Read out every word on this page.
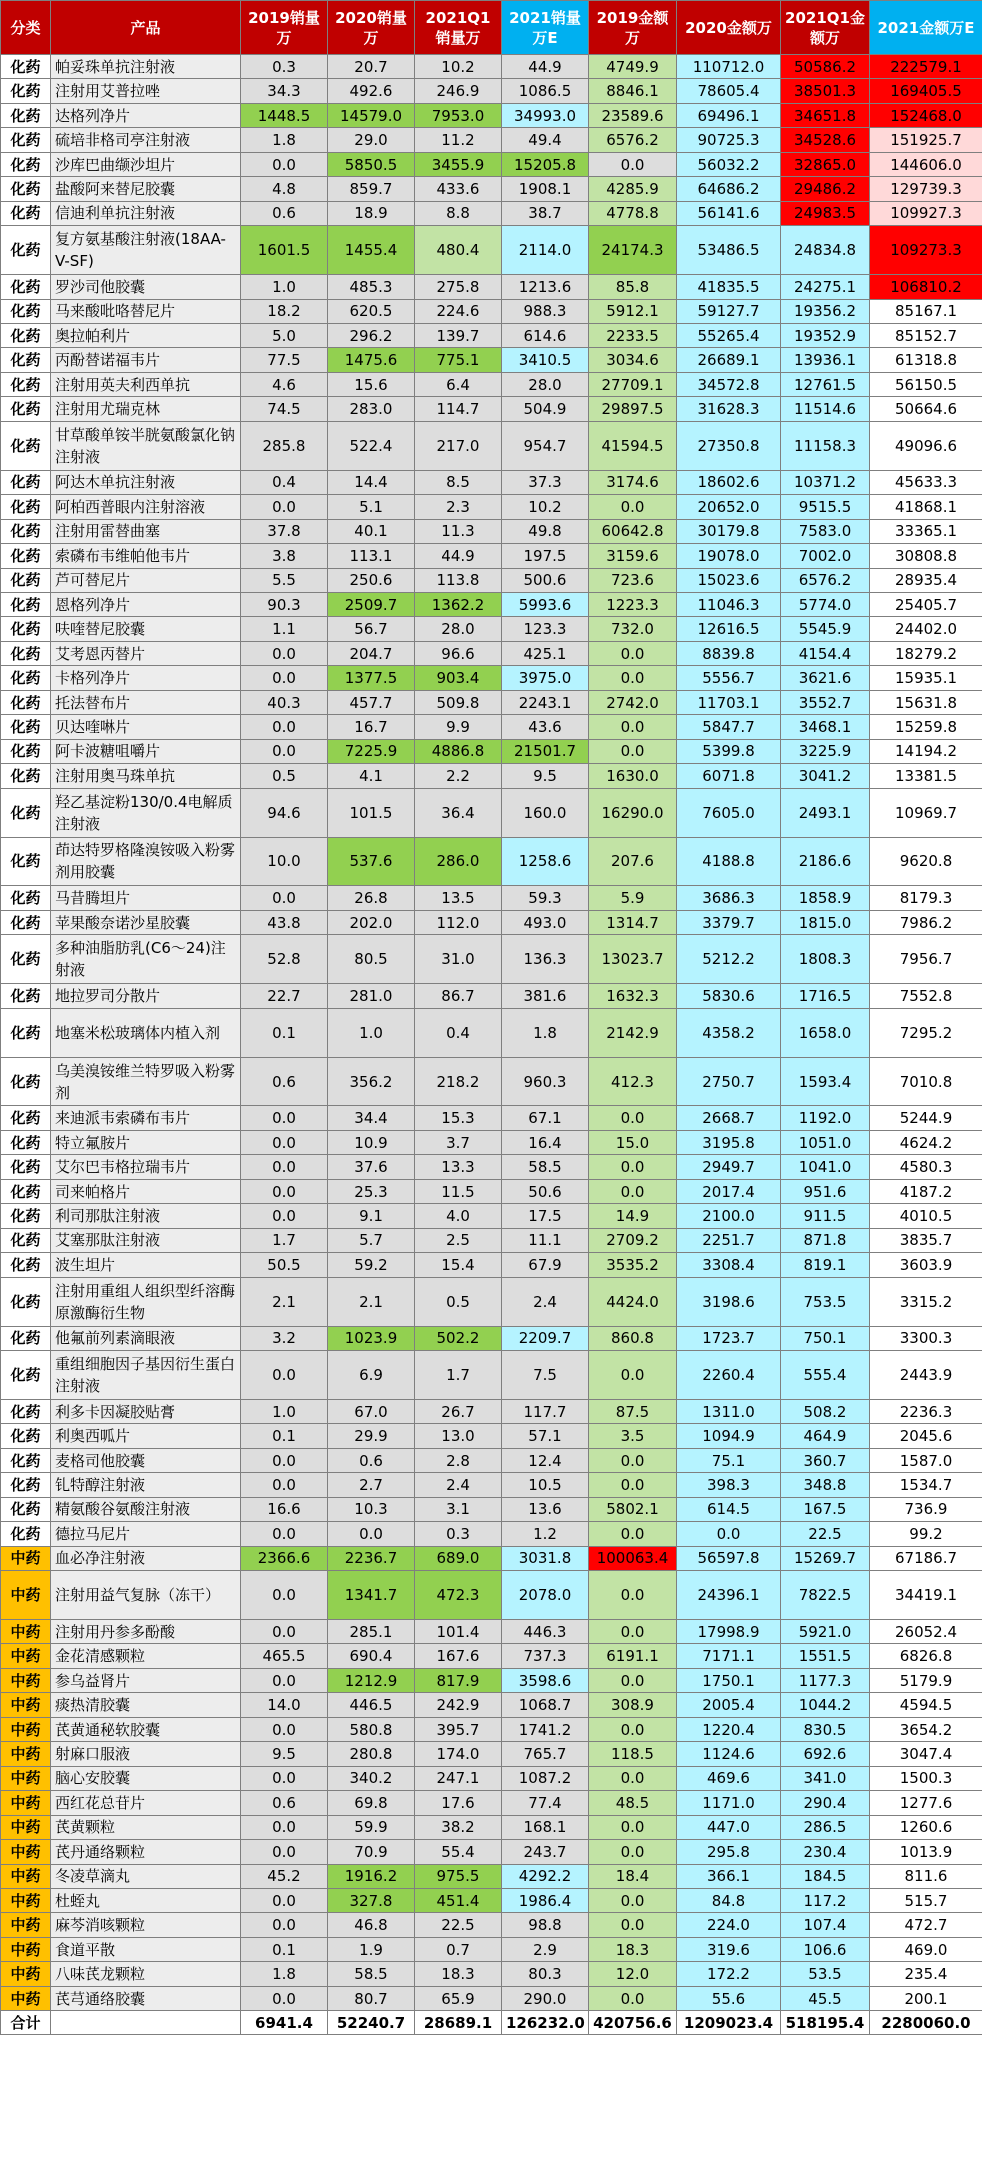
分类	产品	2019销量万	2020销量万	2021Q1销量万	2021销量万E	2019金额万	2020金额万	2021Q1金额万	2021金额万E
化药	帕妥珠单抗注射液	0.3	20.7	10.2	44.9	4749.9	110712.0	50586.2	222579.1
化药	注射用艾普拉唑	34.3	492.6	246.9	1086.5	8846.1	78605.4	38501.3	169405.5
化药	达格列净片	1448.5	14579.0	7953.0	34993.0	23589.6	69496.1	34651.8	152468.0
化药	硫培非格司亭注射液	1.8	29.0	11.2	49.4	6576.2	90725.3	34528.6	151925.7
化药	沙库巴曲缬沙坦片	0.0	5850.5	3455.9	15205.8	0.0	56032.2	32865.0	144606.0
化药	盐酸阿来替尼胶囊	4.8	859.7	433.6	1908.1	4285.9	64686.2	29486.2	129739.3
化药	信迪利单抗注射液	0.6	18.9	8.8	38.7	4778.8	56141.6	24983.5	109927.3
化药	复方氨基酸注射液(18AA-V-SF)	1601.5	1455.4	480.4	2114.0	24174.3	53486.5	24834.8	109273.3
化药	罗沙司他胶囊	1.0	485.3	275.8	1213.6	85.8	41835.5	24275.1	106810.2
化药	马来酸吡咯替尼片	18.2	620.5	224.6	988.3	5912.1	59127.7	19356.2	85167.1
化药	奥拉帕利片	5.0	296.2	139.7	614.6	2233.5	55265.4	19352.9	85152.7
化药	丙酚替诺福韦片	77.5	1475.6	775.1	3410.5	3034.6	26689.1	13936.1	61318.8
化药	注射用英夫利西单抗	4.6	15.6	6.4	28.0	27709.1	34572.8	12761.5	56150.5
化药	注射用尤瑞克林	74.5	283.0	114.7	504.9	29897.5	31628.3	11514.6	50664.6
化药	甘草酸单铵半胱氨酸氯化钠注射液	285.8	522.4	217.0	954.7	41594.5	27350.8	11158.3	49096.6
化药	阿达木单抗注射液	0.4	14.4	8.5	37.3	3174.6	18602.6	10371.2	45633.3
化药	阿柏西普眼内注射溶液	0.0	5.1	2.3	10.2	0.0	20652.0	9515.5	41868.1
化药	注射用雷替曲塞	37.8	40.1	11.3	49.8	60642.8	30179.8	7583.0	33365.1
化药	索磷布韦维帕他韦片	3.8	113.1	44.9	197.5	3159.6	19078.0	7002.0	30808.8
化药	芦可替尼片	5.5	250.6	113.8	500.6	723.6	15023.6	6576.2	28935.4
化药	恩格列净片	90.3	2509.7	1362.2	5993.6	1223.3	11046.3	5774.0	25405.7
化药	呋喹替尼胶囊	1.1	56.7	28.0	123.3	732.0	12616.5	5545.9	24402.0
化药	艾考恩丙替片	0.0	204.7	96.6	425.1	0.0	8839.8	4154.4	18279.2
化药	卡格列净片	0.0	1377.5	903.4	3975.0	0.0	5556.7	3621.6	15935.1
化药	托法替布片	40.3	457.7	509.8	2243.1	2742.0	11703.1	3552.7	15631.8
化药	贝达喹啉片	0.0	16.7	9.9	43.6	0.0	5847.7	3468.1	15259.8
化药	阿卡波糖咀嚼片	0.0	7225.9	4886.8	21501.7	0.0	5399.8	3225.9	14194.2
化药	注射用奥马珠单抗	0.5	4.1	2.2	9.5	1630.0	6071.8	3041.2	13381.5
化药	羟乙基淀粉130/0.4电解质注射液	94.6	101.5	36.4	160.0	16290.0	7605.0	2493.1	10969.7
化药	茚达特罗格隆溴铵吸入粉雾剂用胶囊	10.0	537.6	286.0	1258.6	207.6	4188.8	2186.6	9620.8
化药	马昔腾坦片	0.0	26.8	13.5	59.3	5.9	3686.3	1858.9	8179.3
化药	苹果酸奈诺沙星胶囊	43.8	202.0	112.0	493.0	1314.7	3379.7	1815.0	7986.2
化药	多种油脂肪乳(C6～24)注射液	52.8	80.5	31.0	136.3	13023.7	5212.2	1808.3	7956.7
化药	地拉罗司分散片	22.7	281.0	86.7	381.6	1632.3	5830.6	1716.5	7552.8
化药	地塞米松玻璃体内植入剂	0.1	1.0	0.4	1.8	2142.9	4358.2	1658.0	7295.2
化药	乌美溴铵维兰特罗吸入粉雾剂	0.6	356.2	218.2	960.3	412.3	2750.7	1593.4	7010.8
化药	来迪派韦索磷布韦片	0.0	34.4	15.3	67.1	0.0	2668.7	1192.0	5244.9
化药	特立氟胺片	0.0	10.9	3.7	16.4	15.0	3195.8	1051.0	4624.2
化药	艾尔巴韦格拉瑞韦片	0.0	37.6	13.3	58.5	0.0	2949.7	1041.0	4580.3
化药	司来帕格片	0.0	25.3	11.5	50.6	0.0	2017.4	951.6	4187.2
化药	利司那肽注射液	0.0	9.1	4.0	17.5	14.9	2100.0	911.5	4010.5
化药	艾塞那肽注射液	1.7	5.7	2.5	11.1	2709.2	2251.7	871.8	3835.7
化药	波生坦片	50.5	59.2	15.4	67.9	3535.2	3308.4	819.1	3603.9
化药	注射用重组人组织型纤溶酶原激酶衍生物	2.1	2.1	0.5	2.4	4424.0	3198.6	753.5	3315.2
化药	他氟前列素滴眼液	3.2	1023.9	502.2	2209.7	860.8	1723.7	750.1	3300.3
化药	重组细胞因子基因衍生蛋白注射液	0.0	6.9	1.7	7.5	0.0	2260.4	555.4	2443.9
化药	利多卡因凝胶贴膏	1.0	67.0	26.7	117.7	87.5	1311.0	508.2	2236.3
化药	利奥西呱片	0.1	29.9	13.0	57.1	3.5	1094.9	464.9	2045.6
化药	麦格司他胶囊	0.0	0.6	2.8	12.4	0.0	75.1	360.7	1587.0
化药	钆特醇注射液	0.0	2.7	2.4	10.5	0.0	398.3	348.8	1534.7
化药	精氨酸谷氨酸注射液	16.6	10.3	3.1	13.6	5802.1	614.5	167.5	736.9
化药	德拉马尼片	0.0	0.0	0.3	1.2	0.0	0.0	22.5	99.2
中药	血必净注射液	2366.6	2236.7	689.0	3031.8	100063.4	56597.8	15269.7	67186.7
中药	注射用益气复脉（冻干）	0.0	1341.7	472.3	2078.0	0.0	24396.1	7822.5	34419.1
中药	注射用丹参多酚酸	0.0	285.1	101.4	446.3	0.0	17998.9	5921.0	26052.4
中药	金花清感颗粒	465.5	690.4	167.6	737.3	6191.1	7171.1	1551.5	6826.8
中药	参乌益肾片	0.0	1212.9	817.9	3598.6	0.0	1750.1	1177.3	5179.9
中药	痰热清胶囊	14.0	446.5	242.9	1068.7	308.9	2005.4	1044.2	4594.5
中药	芪黄通秘软胶囊	0.0	580.8	395.7	1741.2	0.0	1220.4	830.5	3654.2
中药	射麻口服液	9.5	280.8	174.0	765.7	118.5	1124.6	692.6	3047.4
中药	脑心安胶囊	0.0	340.2	247.1	1087.2	0.0	469.6	341.0	1500.3
中药	西红花总苷片	0.6	69.8	17.6	77.4	48.5	1171.0	290.4	1277.6
中药	芪黄颗粒	0.0	59.9	38.2	168.1	0.0	447.0	286.5	1260.6
中药	芪丹通络颗粒	0.0	70.9	55.4	243.7	0.0	295.8	230.4	1013.9
中药	冬凌草滴丸	45.2	1916.2	975.5	4292.2	18.4	366.1	184.5	811.6
中药	杜蛭丸	0.0	327.8	451.4	1986.4	0.0	84.8	117.2	515.7
中药	麻芩消咳颗粒	0.0	46.8	22.5	98.8	0.0	224.0	107.4	472.7
中药	食道平散	0.1	1.9	0.7	2.9	18.3	319.6	106.6	469.0
中药	八味芪龙颗粒	1.8	58.5	18.3	80.3	12.0	172.2	53.5	235.4
中药	芪芎通络胶囊	0.0	80.7	65.9	290.0	0.0	55.6	45.5	200.1
合计		6941.4	52240.7	28689.1	126232.0	420756.6	1209023.4	518195.4	2280060.0
